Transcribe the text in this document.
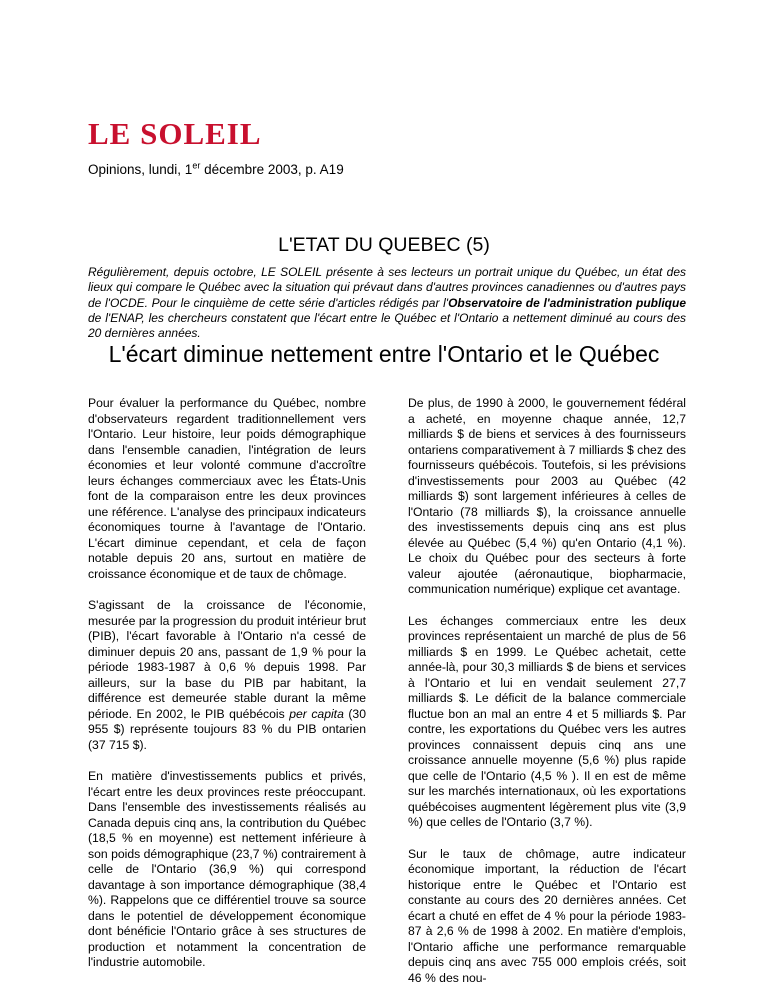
LE SOLEIL
Opinions, lundi, 1er décembre 2003, p. A19
L'ETAT DU QUEBEC (5)

Régulièrement, depuis octobre, LE SOLEIL présente à ses lecteurs un portrait unique du Québec, un état des lieux qui compare le Québec avec la situation qui prévaut dans d'autres provinces canadiennes ou d'autres pays de l'OCDE. Pour le cinquième de cette série d'articles rédigés par l'Observatoire de l'administration publique de l'ENAP, les chercheurs constatent que l'écart entre le Québec et l'Ontario a nettement diminué au cours des 20 dernières années.

L'écart diminue nettement entre l'Ontario et le Québec

Pour évaluer la performance du Québec, nombre d'observateurs regardent traditionnellement vers l'Ontario. Leur histoire, leur poids démographique dans l'ensemble canadien, l'intégration de leurs économies et leur volonté commune d'accroître leurs échanges commerciaux avec les États-Unis font de la comparaison entre les deux provinces une référence. L'analyse des principaux indicateurs économiques tourne à l'avantage de l'Ontario. L'écart diminue cependant, et cela de façon notable depuis 20 ans, surtout en matière de croissance économique et de taux de chômage.

S'agissant de la croissance de l'économie, mesurée par la progression du produit intérieur brut (PIB), l'écart favorable à l'Ontario n'a cessé de diminuer depuis 20 ans, passant de 1,9 % pour la période 1983-1987 à 0,6 % depuis 1998. Par ailleurs, sur la base du PIB par habitant, la différence est demeurée stable durant la même période. En 2002, le PIB québécois per capita (30 955 $) représente toujours 83 % du PIB ontarien (37 715 $).

En matière d'investissements publics et privés, l'écart entre les deux provinces reste préoccupant. Dans l'ensemble des investissements réalisés au Canada depuis cinq ans, la contribution du Québec (18,5 % en moyenne) est nettement inférieure à son poids démographique (23,7 %) contrairement à celle de l'Ontario (36,9 %) qui correspond davantage à son importance démographique (38,4 %). Rappelons que ce différentiel trouve sa source dans le potentiel de développement économique dont bénéficie l'Ontario grâce à ses structures de production et notamment la concentration de l'industrie automobile.

De plus, de 1990 à 2000, le gouvernement fédéral a acheté, en moyenne chaque année, 12,7 milliards $ de biens et services à des fournisseurs ontariens comparativement à 7 milliards $ chez des fournisseurs québécois. Toutefois, si les prévisions d'investissements pour 2003 au Québec (42 milliards $) sont largement inférieures à celles de l'Ontario (78 milliards $), la croissance annuelle des investissements depuis cinq ans est plus élevée au Québec (5,4 %) qu'en Ontario (4,1 %). Le choix du Québec pour des secteurs à forte valeur ajoutée (aéronautique, biopharmacie, communication numérique) explique cet avantage.

Les échanges commerciaux entre les deux provinces représentaient un marché de plus de 56 milliards $ en 1999. Le Québec achetait, cette année-là, pour 30,3 milliards $ de biens et services à l'Ontario et lui en vendait seulement 27,7 milliards $. Le déficit de la balance commerciale fluctue bon an mal an entre 4 et 5 milliards $. Par contre, les exportations du Québec vers les autres provinces connaissent depuis cinq ans une croissance annuelle moyenne (5,6 %) plus rapide que celle de l'Ontario (4,5 % ). Il en est de même sur les marchés internationaux, où les exportations québécoises augmentent légèrement plus vite (3,9 %) que celles de l'Ontario (3,7 %).

Sur le taux de chômage, autre indicateur économique important, la réduction de l'écart historique entre le Québec et l'Ontario est constante au cours des 20 dernières années. Cet écart a chuté en effet de 4 % pour la période 1983-87 à 2,6 % de 1998 à 2002. En matière d'emplois, l'Ontario affiche une performance remarquable depuis cinq ans avec 755 000 emplois créés, soit 46 % des nou-
